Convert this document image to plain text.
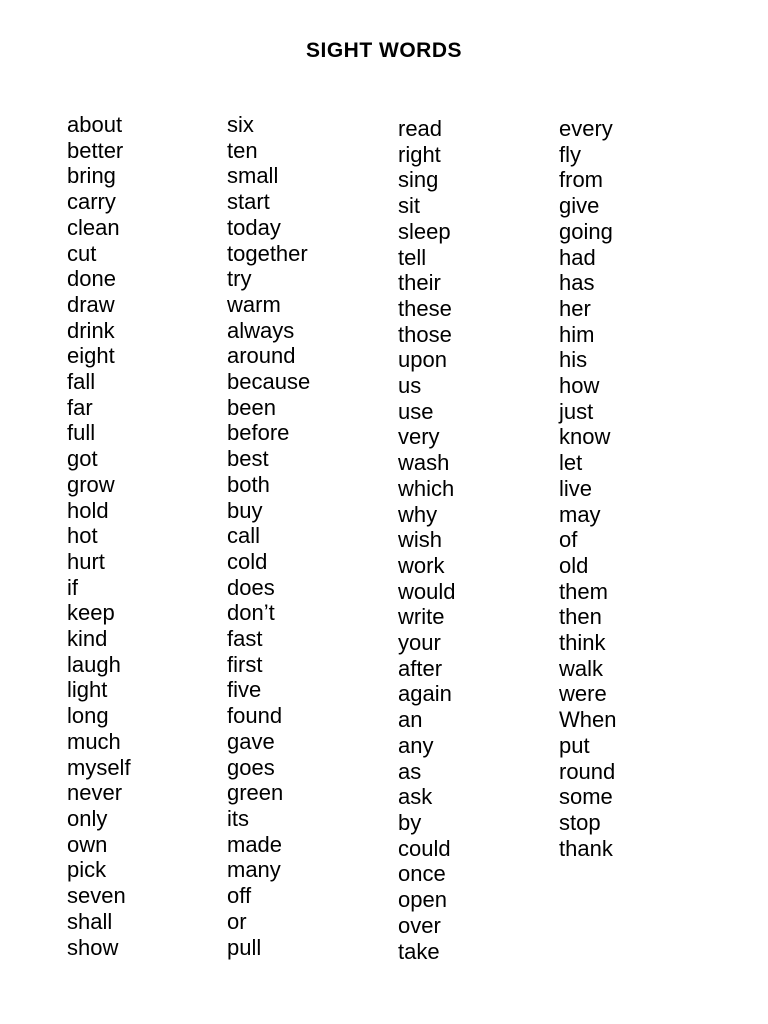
SIGHT WORDS
about
better
bring
carry
clean
cut
done
draw
drink
eight
fall
far
full
got
grow
hold
hot
hurt
if
keep
kind
laugh
light
long
much
myself
never
only
own
pick
seven
shall
show
six
ten
small
start
today
together
try
warm
always
around
because
been
before
best
both
buy
call
cold
does
don’t
fast
first
five
found
gave
goes
green
its
made
many
off
or
pull
read
right
sing
sit
sleep
tell
their
these
those
upon
us
use
very
wash
which
why
wish
work
would
write
your
after
again
an
any
as
ask
by
could
once
open
over
take
every
fly
from
give
going
had
has
her
him
his
how
just
know
let
live
may
of
old
them
then
think
walk
were
When
put
round
some
stop
thank
